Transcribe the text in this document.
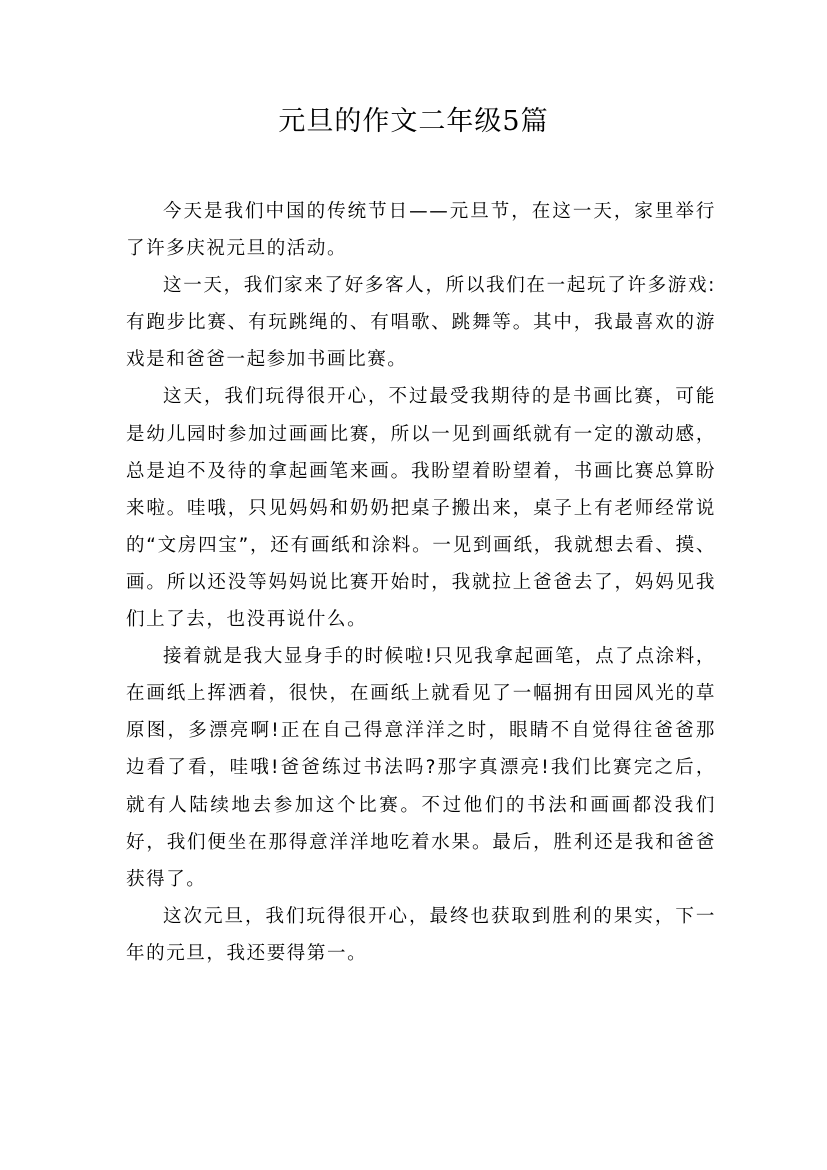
元旦的作文二年级5篇

今天是我们中国的传统节日——元旦节，在这一天，家里举行了许多庆祝元旦的活动。

这一天，我们家来了好多客人，所以我们在一起玩了许多游戏:有跑步比赛、有玩跳绳的、有唱歌、跳舞等。其中，我最喜欢的游戏是和爸爸一起参加书画比赛。

这天，我们玩得很开心，不过最受我期待的是书画比赛，可能是幼儿园时参加过画画比赛，所以一见到画纸就有一定的激动感，总是迫不及待的拿起画笔来画。我盼望着盼望着，书画比赛总算盼来啦。哇哦，只见妈妈和奶奶把桌子搬出来，桌子上有老师经常说的“文房四宝”，还有画纸和涂料。一见到画纸，我就想去看、摸、画。所以还没等妈妈说比赛开始时，我就拉上爸爸去了，妈妈见我们上了去，也没再说什么。

接着就是我大显身手的时候啦!只见我拿起画笔，点了点涂料，在画纸上挥洒着，很快，在画纸上就看见了一幅拥有田园风光的草原图，多漂亮啊!正在自己得意洋洋之时，眼睛不自觉得往爸爸那边看了看，哇哦!爸爸练过书法吗?那字真漂亮!我们比赛完之后，就有人陆续地去参加这个比赛。不过他们的书法和画画都没我们好，我们便坐在那得意洋洋地吃着水果。最后，胜利还是我和爸爸获得了。

这次元旦，我们玩得很开心，最终也获取到胜利的果实，下一年的元旦，我还要得第一。
